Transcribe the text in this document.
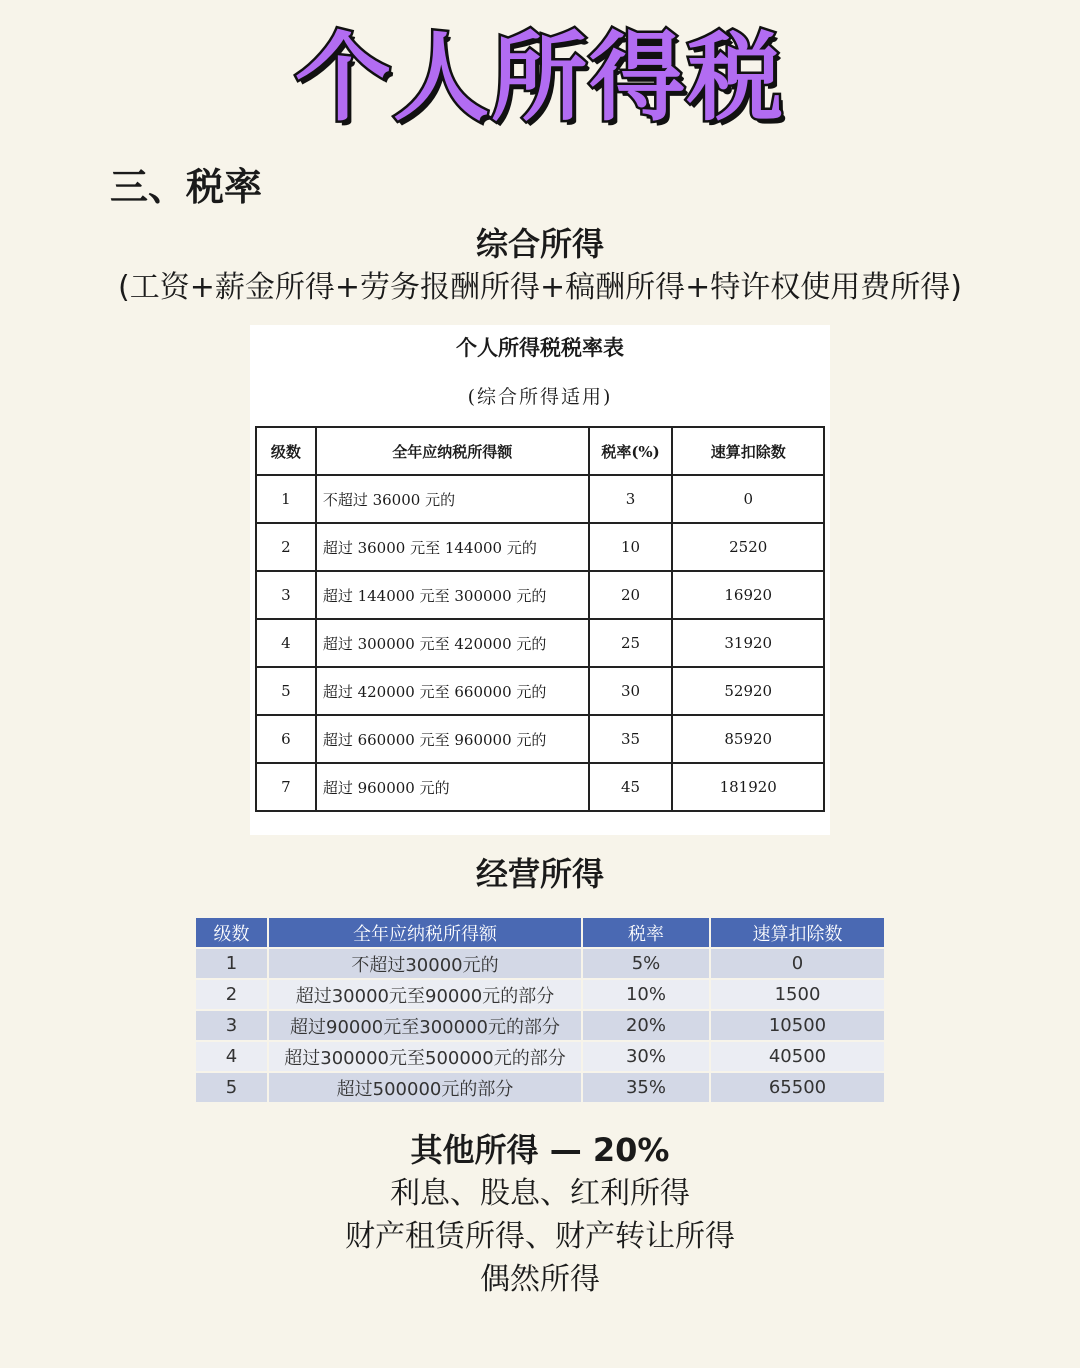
个人所得税
三、税率
综合所得
(工资+薪金所得+劳务报酬所得+稿酬所得+特许权使用费所得)
个人所得税税率表
(综合所得适用)
级数	全年应纳税所得额	税率(%)	速算扣除数
1	不超过 36000 元的	3	0
2	超过 36000 元至 144000 元的	10	2520
3	超过 144000 元至 300000 元的	20	16920
4	超过 300000 元至 420000 元的	25	31920
5	超过 420000 元至 660000 元的	30	52920
6	超过 660000 元至 960000 元的	35	85920
7	超过 960000 元的	45	181920
经营所得
级数	全年应纳税所得额	税率	速算扣除数
1	不超过30000元的	5%	0
2	超过30000元至90000元的部分	10%	1500
3	超过90000元至300000元的部分	20%	10500
4	超过300000元至500000元的部分	30%	40500
5	超过500000元的部分	35%	65500
其他所得 — 20%
利息、股息、红利所得
财产租赁所得、财产转让所得
偶然所得
